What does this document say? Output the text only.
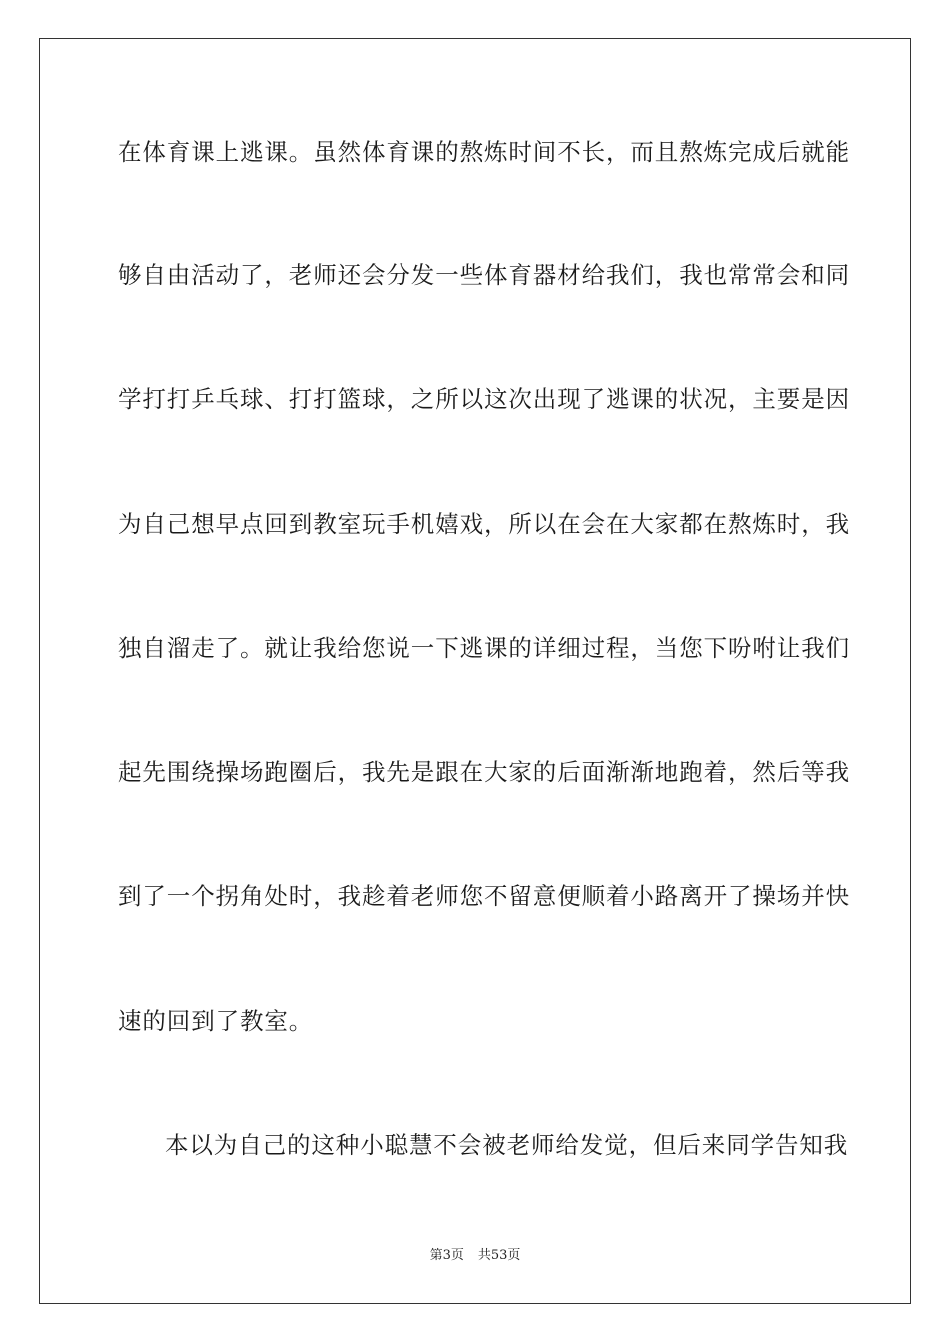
在体育课上逃课。虽然体育课的熬炼时间不长，而且熬炼完成后就能
够自由活动了，老师还会分发一些体育器材给我们，我也常常会和同
学打打乒乓球、打打篮球，之所以这次出现了逃课的状况，主要是因
为自己想早点回到教室玩手机嬉戏，所以在会在大家都在熬炼时，我
独自溜走了。就让我给您说一下逃课的详细过程，当您下吩咐让我们
起先围绕操场跑圈后，我先是跟在大家的后面渐渐地跑着，然后等我
到了一个拐角处时，我趁着老师您不留意便顺着小路离开了操场并快
速的回到了教室。
本以为自己的这种小聪慧不会被老师给发觉，但后来同学告知我
第3页 共53页
